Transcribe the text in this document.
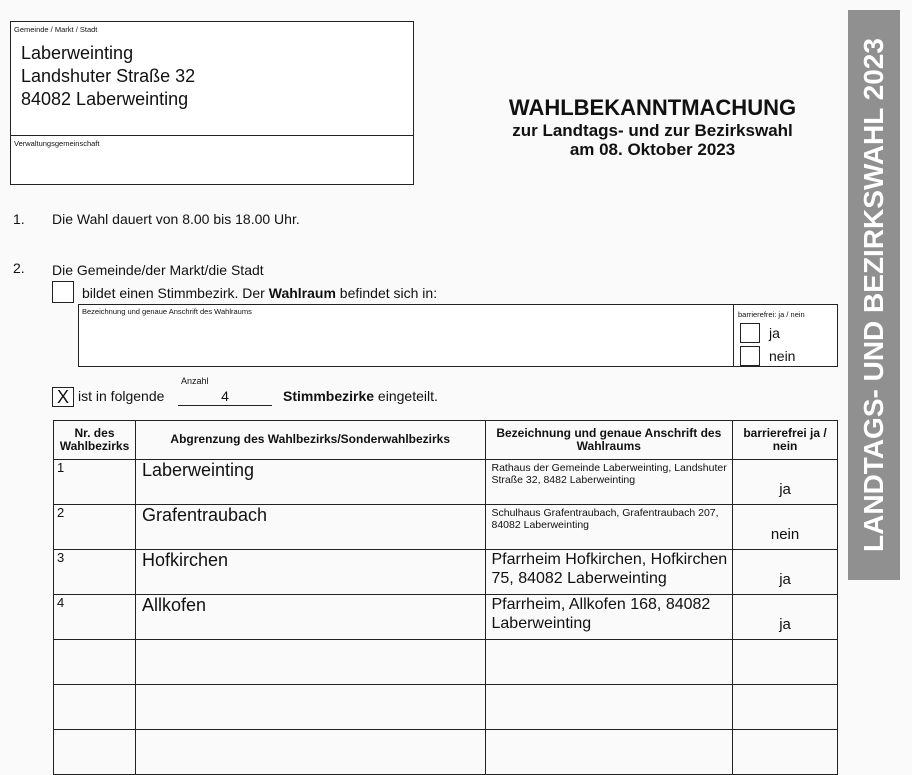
Gemeinde / Markt / Stadt
Laberweinting
Landshuter Straße 32
84082 Laberweinting
Verwaltungsgemeinschaft
WAHLBEKANNTMACHUNG
zur Landtags- und zur Bezirkswahl
am 08. Oktober 2023	LANDTAGS- UND BEZIRKSWAHL 2023
1. Die Wahl dauert von 8.00 bis 18.00 Uhr.
2. Die Gemeinde/der Markt/die Stadt
bildet einen Stimmbezirk. Der Wahlraum befindet sich in:
Bezeichnung und genaue Anschrift des Wahlraums	barrierefrei: ja / nein
ja
nein
X ist in folgende
Anzahl
4	Stimmbezirke eingeteilt.
Nr. des Wahlbezirks	Abgrenzung des Wahlbezirks/Sonderwahlbezirks	Bezeichnung und genaue Anschrift des Wahlraums	barrierefrei ja / nein
1	Laberweinting	Rathaus der Gemeinde Laberweinting, Landshuter Straße 32, 8482 Laberweinting	ja
2	Grafentraubach	Schulhaus Grafentraubach, Grafentraubach 207, 84082 Laberweinting	nein
3	Hofkirchen	Pfarrheim Hofkirchen, Hofkirchen 75, 84082 Laberweinting	ja
4	Allkofen	Pfarrheim, Allkofen 168, 84082 Laberweinting	ja
